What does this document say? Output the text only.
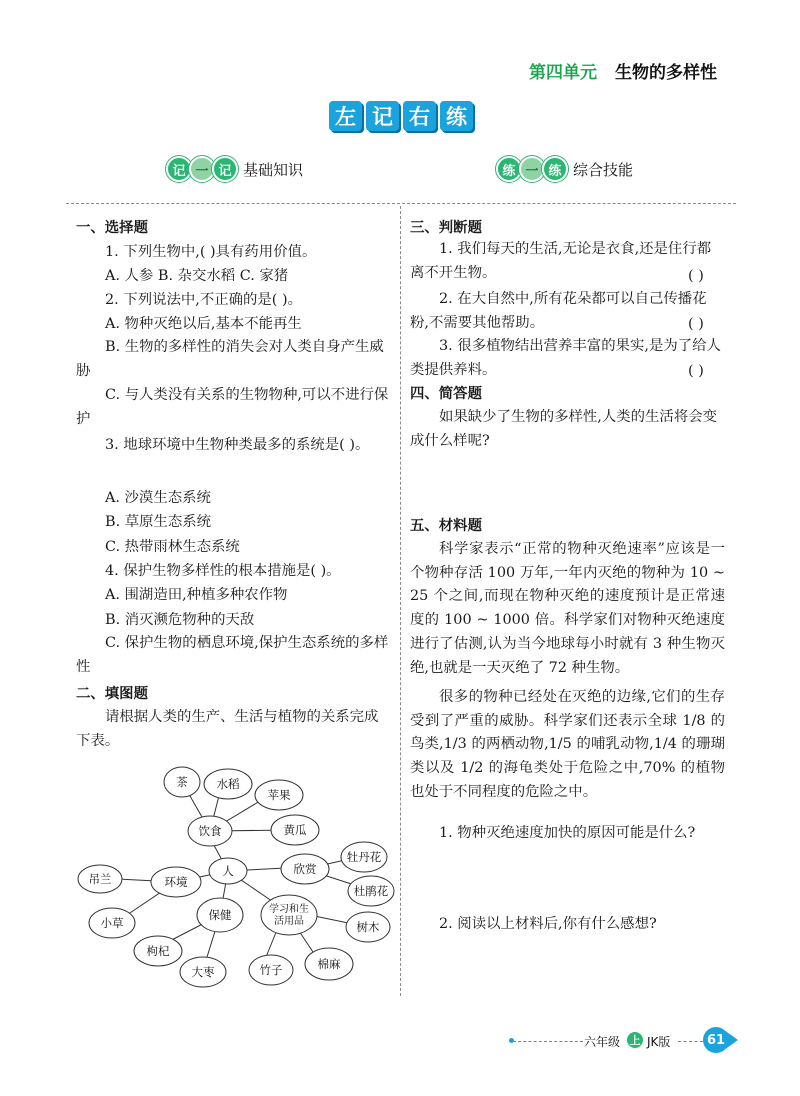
第四单元 生物的多样性
左 记 右 练
记 一 记 基础知识	练 一 练 综合技能
一、选择题
1. 下列生物中,( )具有药用价值。
A. 人参 B. 杂交水稻 C. 家猪
2. 下列说法中,不正确的是( )。
A. 物种灭绝以后,基本不能再生
B. 生物的多样性的消失会对人类自身产生威胁
C. 与人类没有关系的生物物种,可以不进行保护
3. 地球环境中生物种类最多的系统是( )。
A. 沙漠生态系统
B. 草原生态系统
C. 热带雨林生态系统
4. 保护生物多样性的根本措施是( )。
A. 围湖造田,种植多种农作物
B. 消灭濒危物种的天敌
C. 保护生物的栖息环境,保护生态系统的多样性
二、填图题
请根据人类的生产、生活与植物的关系完成下表。
人
饮食
茶	水稻
苹果
黄瓜
环境
吊兰
小草
保健
枸杞
大枣
学习和生
活用品
竹子	棉麻
树木
欣赏
牡丹花
杜鹃花
三、判断题
1. 我们每天的生活,无论是衣食,还是住行都离不开生物。	( )
2. 在大自然中,所有花朵都可以自己传播花粉,不需要其他帮助。	( )
3. 很多植物结出营养丰富的果实,是为了给人类提供养料。	( )
四、简答题
如果缺少了生物的多样性,人类的生活将会变成什么样呢?
五、材料题
科学家表示“正常的物种灭绝速率”应该是一个物种存活 100 万年,一年内灭绝的物种为 10 ~ 25 个之间,而现在物种灭绝的速度预计是正常速度的 100 ~ 1000 倍。科学家们对物种灭绝速度进行了估测,认为当今地球每小时就有 3 种生物灭绝,也就是一天灭绝了 72 种生物。
很多的物种已经处在灭绝的边缘,它们的生存受到了严重的威胁。科学家们还表示全球 1/8 的鸟类,1/3 的两栖动物,1/5 的哺乳动物,1/4 的珊瑚类以及 1/2 的海龟类处于危险之中,70% 的植物也处于不同程度的危险之中。
1. 物种灭绝速度加快的原因可能是什么?
2. 阅读以上材料后,你有什么感想?
六年级 上 JK版	61
